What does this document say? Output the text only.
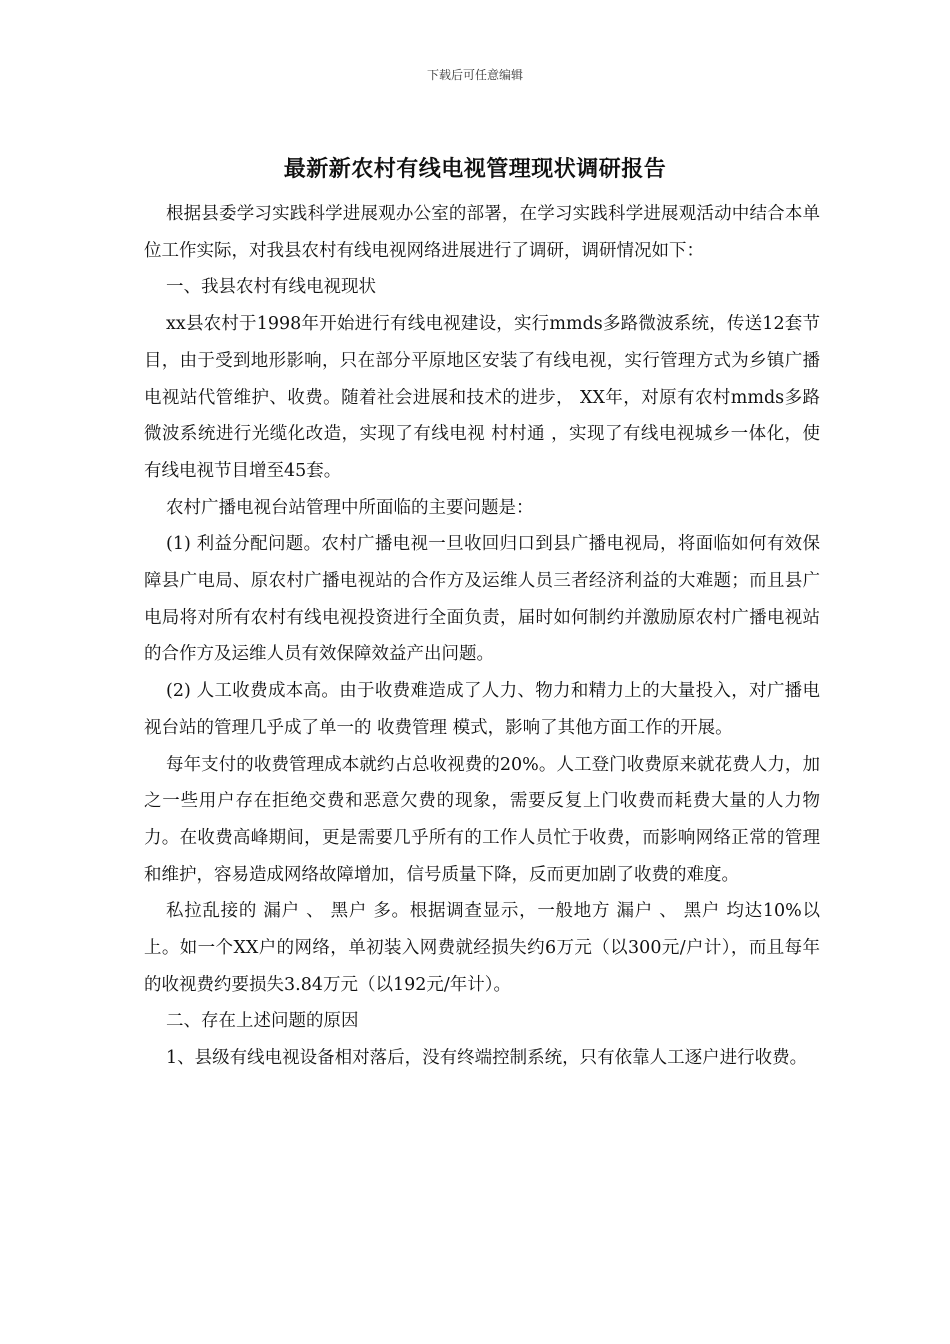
下载后可任意编辑
最新新农村有线电视管理现状调研报告

根据县委学习实践科学进展观办公室的部署，在学习实践科学进展观活动中结合本单位工作实际，对我县农村有线电视网络进展进行了调研，调研情况如下：

一、我县农村有线电视现状

xx县农村于1998年开始进行有线电视建设，实行mmds多路微波系统，传送12套节目，由于受到地形影响，只在部分平原地区安装了有线电视，实行管理方式为乡镇广播电视站代管维护、收费。随着社会进展和技术的进步， XX年，对原有农村mmds多路微波系统进行光缆化改造，实现了有线电视 村村通 ，实现了有线电视城乡一体化，使有线电视节目增至45套。

农村广播电视台站管理中所面临的主要问题是：

(1) 利益分配问题。农村广播电视一旦收回归口到县广播电视局，将面临如何有效保障县广电局、原农村广播电视站的合作方及运维人员三者经济利益的大难题；而且县广电局将对所有农村有线电视投资进行全面负责，届时如何制约并激励原农村广播电视站的合作方及运维人员有效保障效益产出问题。

(2) 人工收费成本高。由于收费难造成了人力、物力和精力上的大量投入，对广播电视台站的管理几乎成了单一的 收费管理 模式，影响了其他方面工作的开展。

每年支付的收费管理成本就约占总收视费的20%。人工登门收费原来就花费人力，加之一些用户存在拒绝交费和恶意欠费的现象，需要反复上门收费而耗费大量的人力物力。在收费高峰期间，更是需要几乎所有的工作人员忙于收费，而影响网络正常的管理和维护，容易造成网络故障增加，信号质量下降，反而更加剧了收费的难度。

私拉乱接的 漏户 、 黑户 多。根据调查显示，一般地方 漏户 、 黑户 均达10%以上。如一个XX户的网络，单初装入网费就经损失约6万元（以300元/户计），而且每年的收视费约要损失3.84万元（以192元/年计）。

二、存在上述问题的原因

1、县级有线电视设备相对落后，没有终端控制系统，只有依靠人工逐户进行收费。
